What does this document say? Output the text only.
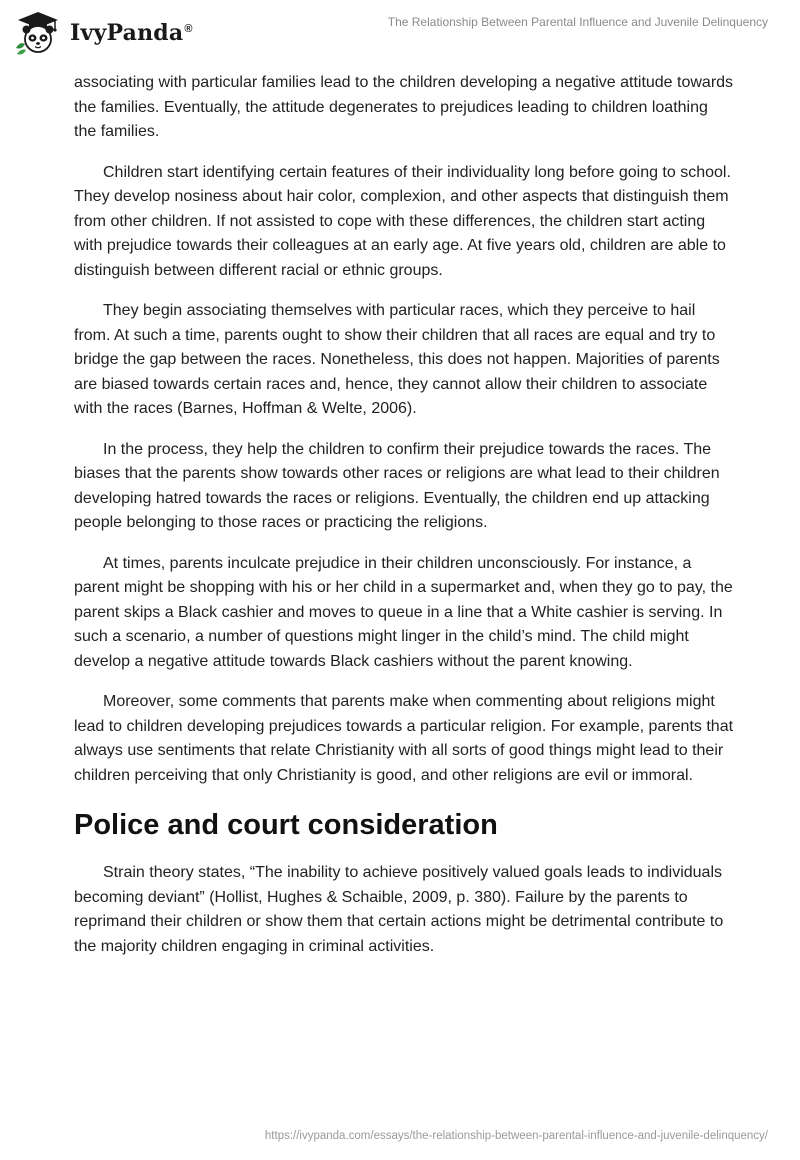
IvyPanda®	The Relationship Between Parental Influence and Juvenile Delinquency

associating with particular families lead to the children developing a negative attitude towards the families. Eventually, the attitude degenerates to prejudices leading to children loathing the families.

Children start identifying certain features of their individuality long before going to school. They develop nosiness about hair color, complexion, and other aspects that distinguish them from other children. If not assisted to cope with these differences, the children start acting with prejudice towards their colleagues at an early age. At five years old, children are able to distinguish between different racial or ethnic groups.

They begin associating themselves with particular races, which they perceive to hail from. At such a time, parents ought to show their children that all races are equal and try to bridge the gap between the races. Nonetheless, this does not happen. Majorities of parents are biased towards certain races and, hence, they cannot allow their children to associate with the races (Barnes, Hoffman & Welte, 2006).

In the process, they help the children to confirm their prejudice towards the races. The biases that the parents show towards other races or religions are what lead to their children developing hatred towards the races or religions. Eventually, the children end up attacking people belonging to those races or practicing the religions.

At times, parents inculcate prejudice in their children unconsciously. For instance, a parent might be shopping with his or her child in a supermarket and, when they go to pay, the parent skips a Black cashier and moves to queue in a line that a White cashier is serving. In such a scenario, a number of questions might linger in the child’s mind. The child might develop a negative attitude towards Black cashiers without the parent knowing.

Moreover, some comments that parents make when commenting about religions might lead to children developing prejudices towards a particular religion. For example, parents that always use sentiments that relate Christianity with all sorts of good things might lead to their children perceiving that only Christianity is good, and other religions are evil or immoral.

Police and court consideration

Strain theory states, “The inability to achieve positively valued goals leads to individuals becoming deviant” (Hollist, Hughes & Schaible, 2009, p. 380). Failure by the parents to reprimand their children or show them that certain actions might be detrimental contribute to the majority children engaging in criminal activities.

https://ivypanda.com/essays/the-relationship-between-parental-influence-and-juvenile-delinquency/
